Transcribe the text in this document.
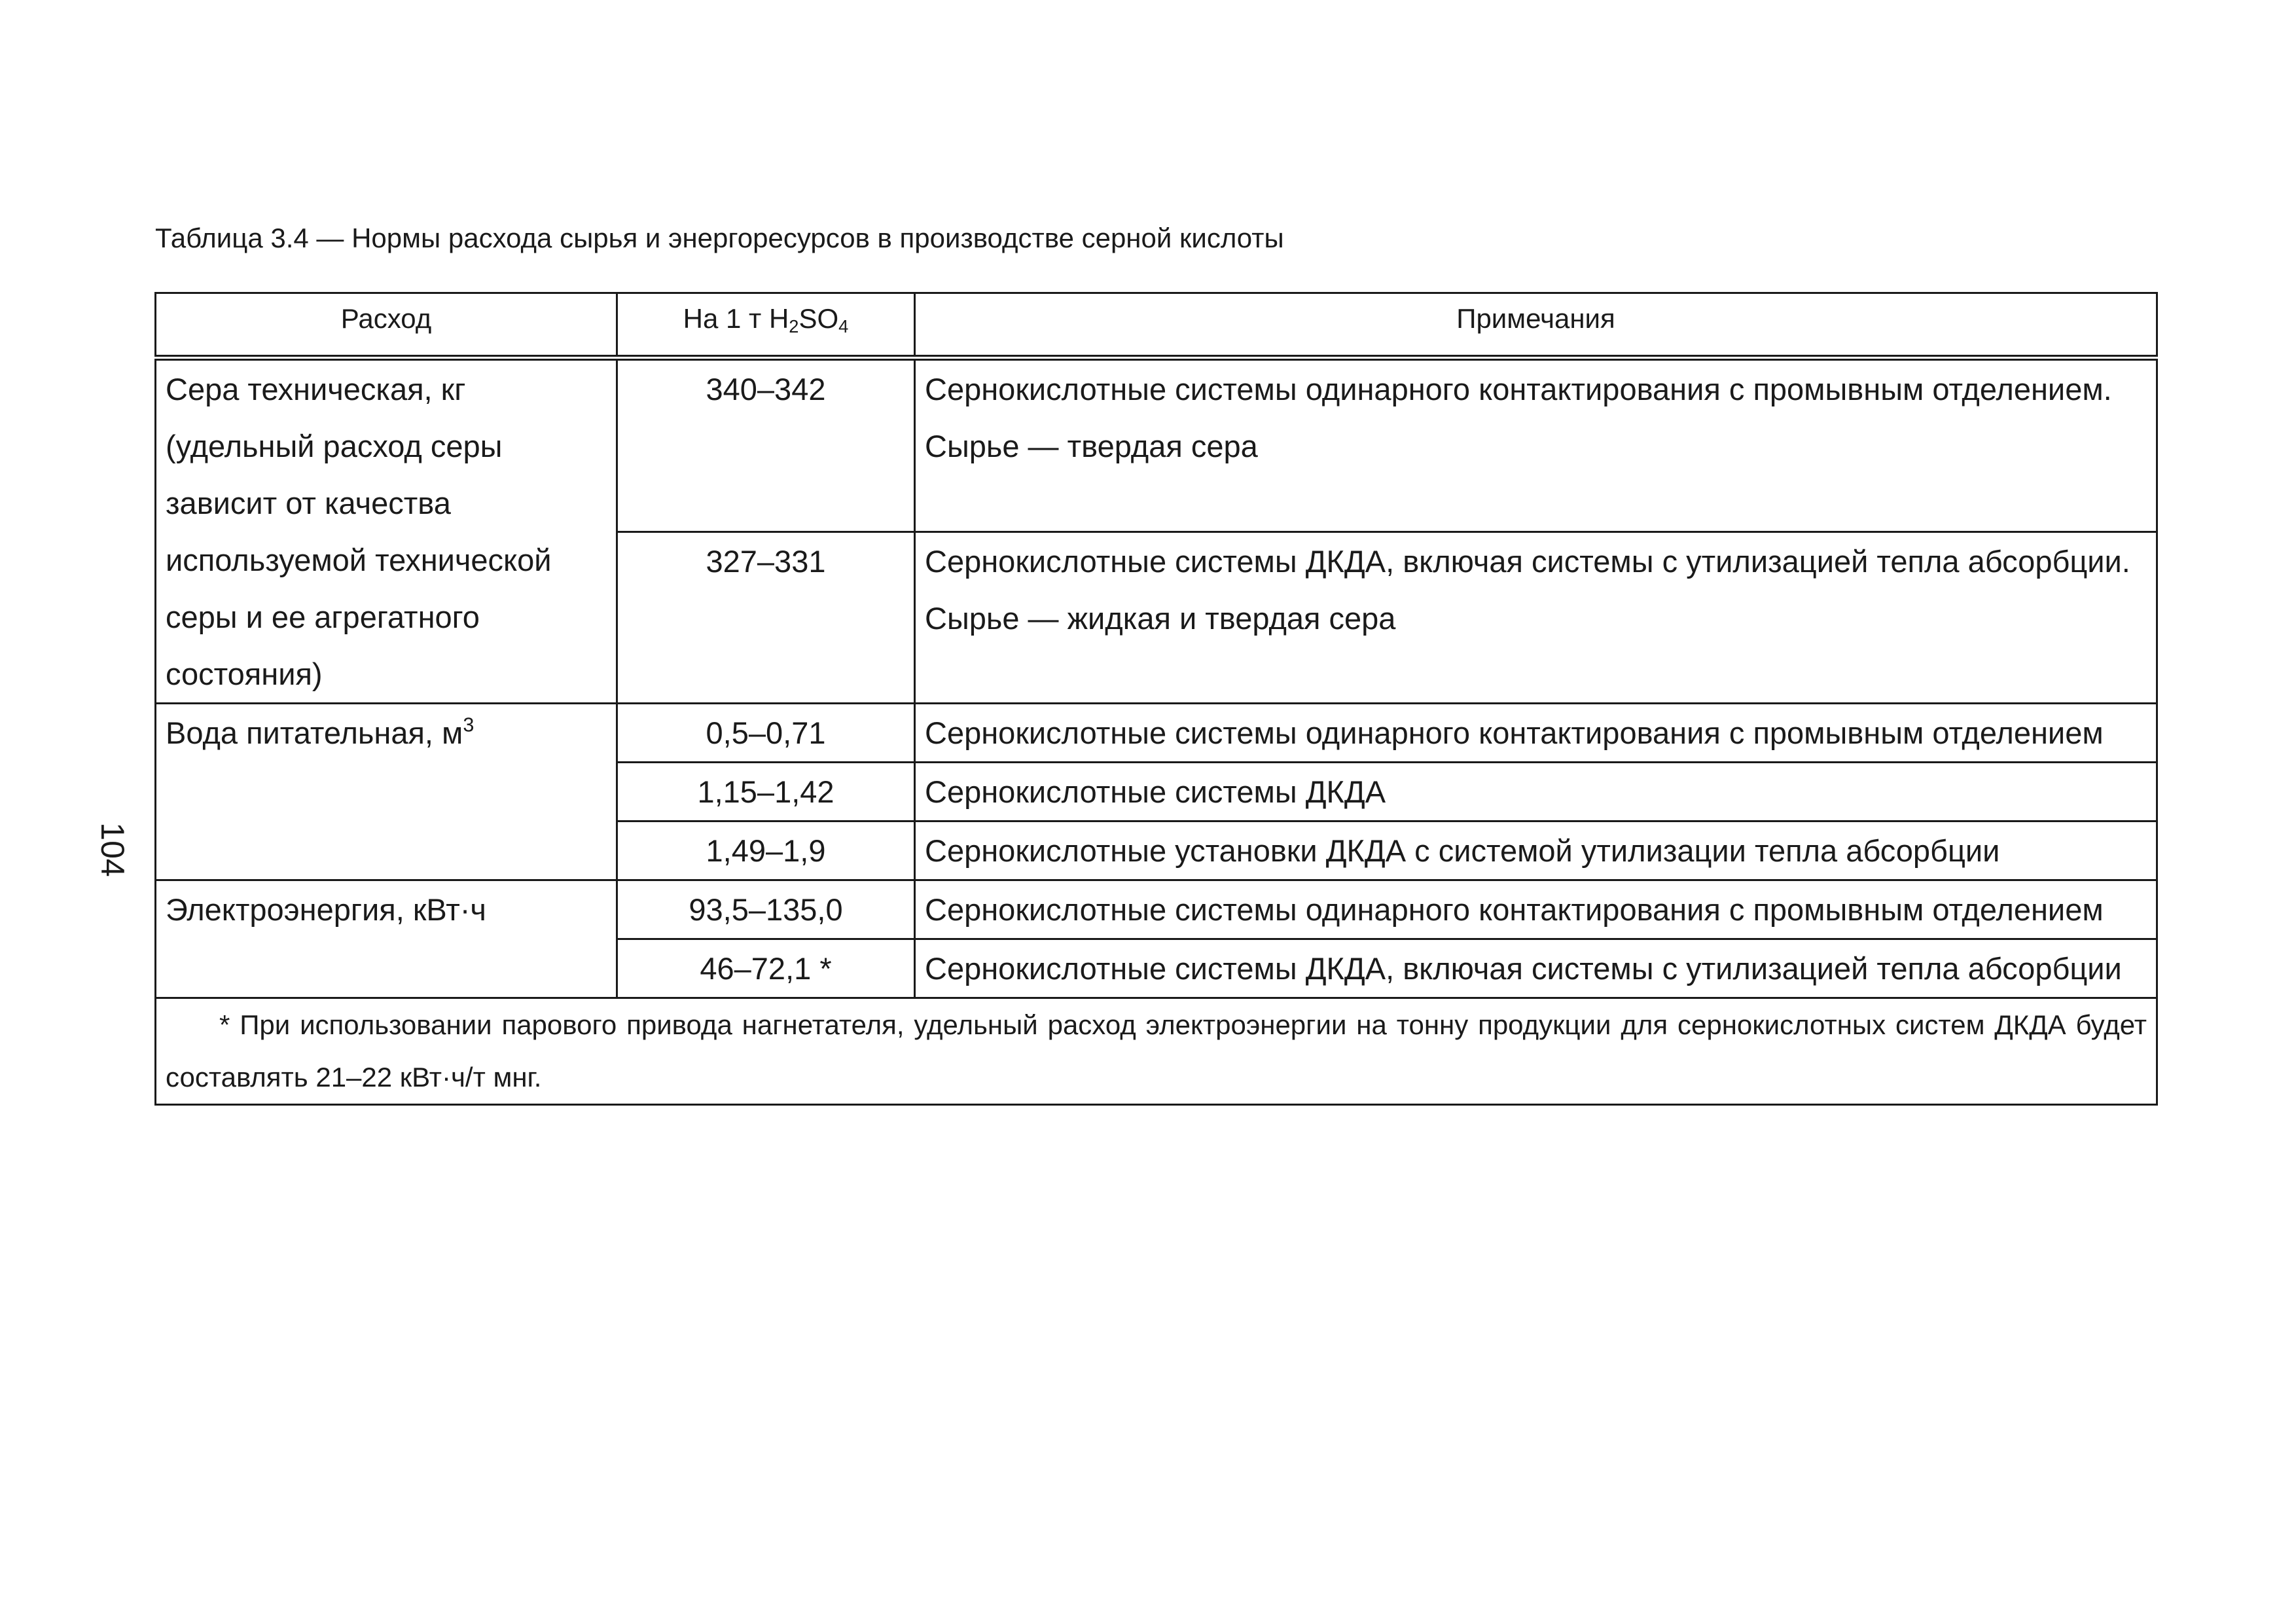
Таблица 3.4 — Нормы расхода сырья и энергоресурсов в производстве серной кислоты
104
Расход	На 1 т $H_2SO_4$	Примечания
Сера техническая, кг (удельный расход серы зависит от качества используемой технической серы и ее агрегатного состояния)	340–342	Сернокислотные системы одинарного контактирования с промывным отделением.
Сырье — твердая сера

	327–331	Сернокислотные системы ДКДА, включая системы с утилизацией тепла абсорбции.
Сырье — жидкая и твердая сера

Вода питательная, $м^3$	0,5–0,71	Сернокислотные системы одинарного контактирования с промывным отделением
	1,15–1,42	Сернокислотные системы ДКДА
	1,49–1,9	Сернокислотные установки ДКДА с системой утилизации тепла абсорбции
Электроэнергия, кВт·ч	93,5–135,0	Сернокислотные системы одинарного контактирования с промывным отделением
	46–72,1 *	Сернокислотные системы ДКДА, включая системы с утилизацией тепла абсорбции
* При использовании парового привода нагнетателя, удельный расход электроэнергии на тонну продукции для сернокислотных систем ДКДА будет составлять 21–22 кВт·ч/т мнг.		
